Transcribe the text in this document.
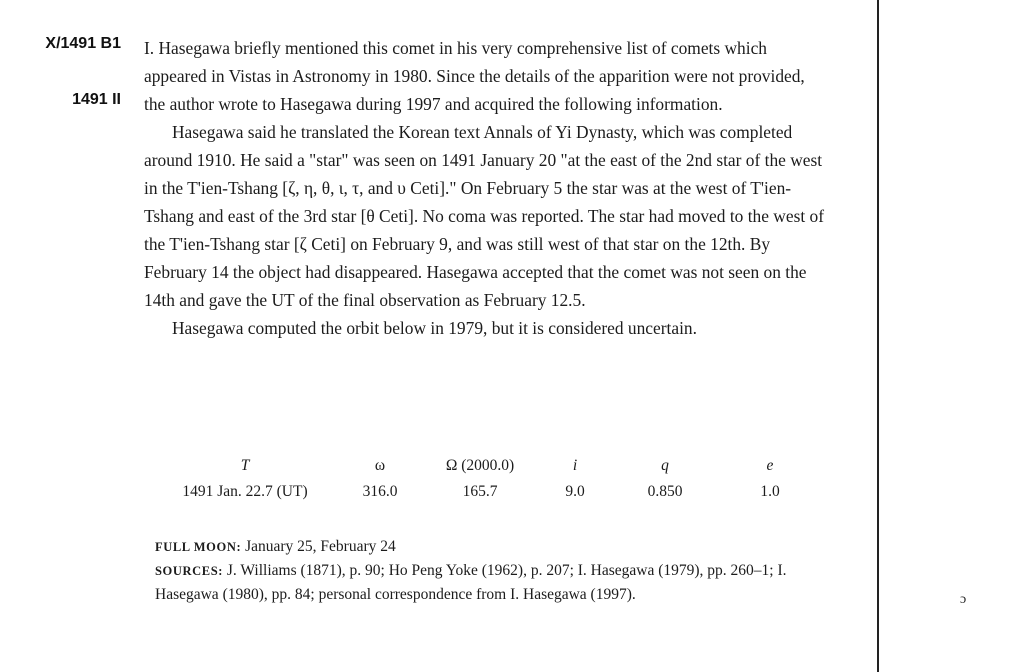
X/1491 B1
1491 II

I. Hasegawa briefly mentioned this comet in his very comprehensive list of comets which appeared in Vistas in Astronomy in 1980. Since the details of the apparition were not provided, the author wrote to Hasegawa during 1997 and acquired the following information.

Hasegawa said he translated the Korean text Annals of Yi Dynasty, which was completed around 1910. He said a "star" was seen on 1491 January 20 "at the east of the 2nd star of the west in the T'ien-Tshang [ζ, η, θ, ι, τ, and υ Ceti]." On February 5 the star was at the west of T'ien-Tshang and east of the 3rd star [θ Ceti]. No coma was reported. The star had moved to the west of the T'ien-Tshang star [ζ Ceti] on February 9, and was still west of that star on the 12th. By February 14 the object had disappeared. Hasegawa accepted that the comet was not seen on the 14th and gave the UT of the final observation as February 12.5.

Hasegawa computed the orbit below in 1979, but it is considered uncertain.

T	ω	Ω (2000.0)	i	q	e
1491 Jan. 22.7 (UT)	316.0	165.7	9.0	0.850	1.0
FULL MOON: January 25, February 24
SOURCES: J. Williams (1871), p. 90; Ho Peng Yoke (1962), p. 207; I. Hasegawa (1979), pp. 260–1; I. Hasegawa (1980), pp. 84; personal correspondence from I. Hasegawa (1997).	ɔ
